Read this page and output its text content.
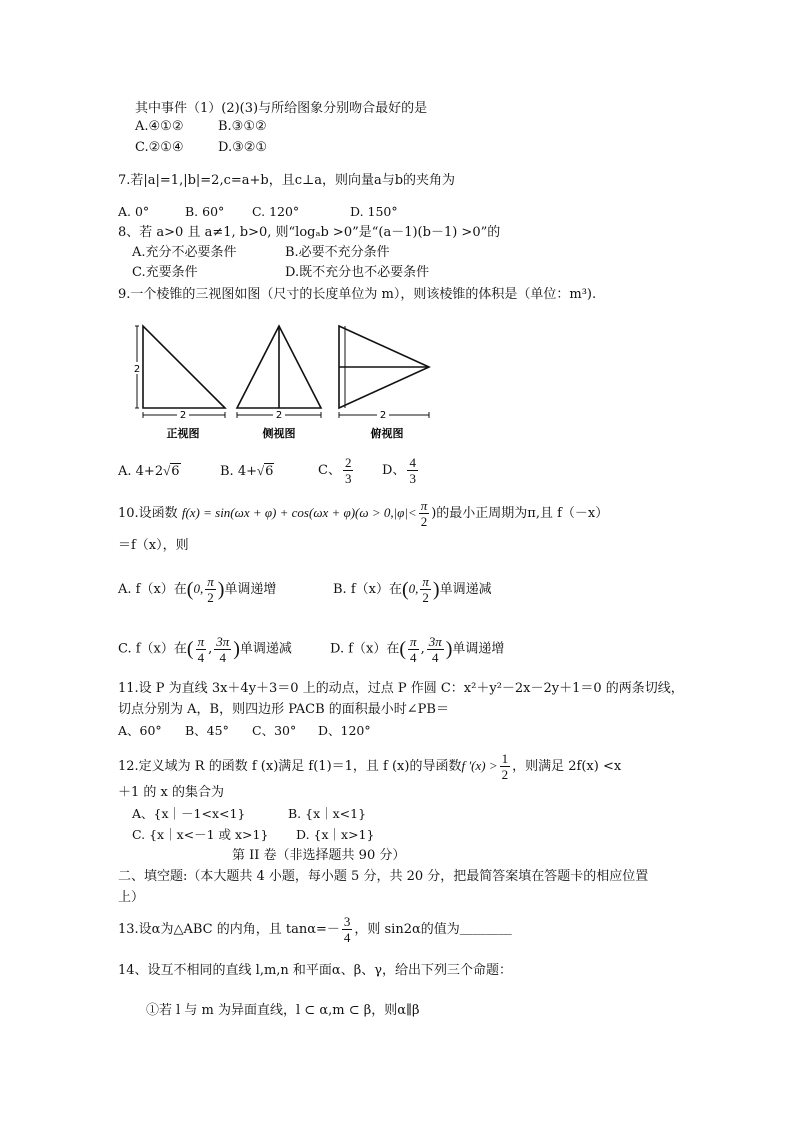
其中事件（1）(2)(3)与所给图象分别吻合最好的是
A.④①②	B.③①②
C.②①④	D.③②①
7.若|a|=1,|b|=2,c=a+b，且c⊥a，则向量a与b的夹角为
A. 0°	B. 60° C. 120°	D. 150°
8、若 a>0 且 a≠1, b>0, 则“logₐb >0”是“(a－1)(b－1) >0”的
A.充分不必要条件	B.必要不充分条件
C.充要条件	D.既不充分也不必要条件
9.一个棱锥的三视图如图（尺寸的长度单位为 m），则该棱锥的体积是（单位：m³).
2
2
正视图
2
侧视图
2
俯视图
A. 4+2√6	B. 4+√6	C、 $\frac{2}{3}$ D、 $\frac{4}{3}$
10.设函数 $f(x) = \sin(\omega x + \varphi) + \cos(\omega x + \varphi)(\omega > 0,|\varphi|< \frac{\pi}{2}$ )的最小正周期为π,且 f（－x）
＝f（x），则
A. f（x）在(0, $\frac{\pi}{2}$ )单调递增	B. f（x）在(0, $\frac{\pi}{2}$ )单调递减
C. f（x）在( $\frac{\pi}{4}$ , $\frac{3\pi}{4}$ )单调递减	D. f（x）在( $\frac{\pi}{4}$ , $\frac{3\pi}{4}$ )单调递增
11.设 P 为直线 3x＋4y＋3＝0 上的动点，过点 P 作圆 C：x²＋y²－2x－2y＋1＝0 的两条切线，
切点分别为 A，B，则四边形 PACB 的面积最小时∠PB＝
A、60° B、45° C、30° D、120°
12.定义域为 R 的函数 f (x)满足 f(1)＝1，且 f (x)的导函数f $'(x) > \frac{1}{2}$ ，则满足 2f(x) <x
＋1 的 x 的集合为
A、{x｜－1<x<1}	B. {x｜x<1}
C. {x｜x<－1 或 x>1} D. {x｜x>1}
第 II 卷（非选择题共 90 分）
二、填空题:（本大题共 4 小题，每小题 5 分，共 20 分，把最简答案填在答题卡的相应位置
上）
13.设α为△ABC 的内角，且 $\tan\alpha=- \frac{3}{4}$ ，则 sin2α的值为＿＿＿＿
14、设互不相同的直线 l,m,n 和平面α、β、γ，给出下列三个命题：
①若 l 与 m 为异面直线，l ⊂ α,m ⊂ β，则α∥β
